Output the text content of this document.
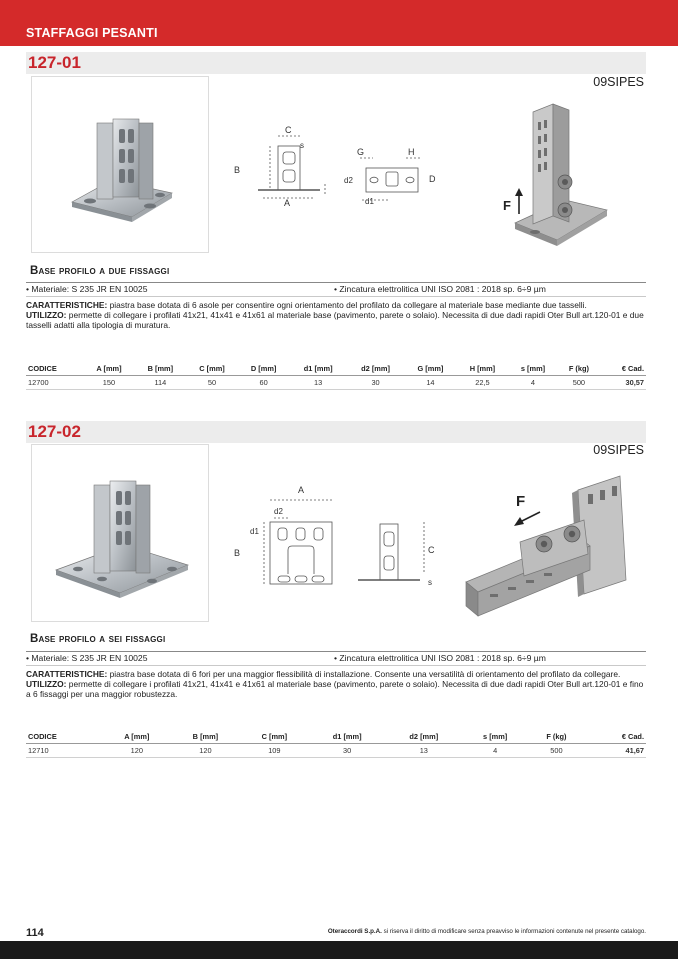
STAFFAGGI PESANTI
127-01
09SIPES
C
s
B
A
G	H
d2
d1
D
F
Base profilo a due fissaggi
• Materiale: S 235 JR EN 10025	• Zincatura elettrolitica UNI ISO 2081 : 2018 sp. 6÷9 µm
CARATTERISTICHE: piastra base dotata di 6 asole per consentire ogni orientamento del profilato da collegare al materiale base mediante due tasselli.
UTILIZZO: permette di collegare i profilati 41x21, 41x41 e 41x61 al materiale base (pavimento, parete o solaio). Necessita di due dadi rapidi Oter Bull art.120-01 e due tasselli adatti alla tipologia di muratura.
CODICE	A [mm]	B [mm]	C [mm]	D [mm]	d1 [mm]	d2 [mm]	G [mm]	H [mm]	s [mm]	F (kg)	€ Cad.
12700	150	114	50	60	13	30	14	22,5	4	500	30,57
127-02
09SIPES
A
d2
d1
B	C
s
F
Base profilo a sei fissaggi
• Materiale: S 235 JR EN 10025	• Zincatura elettrolitica UNI ISO 2081 : 2018 sp. 6÷9 µm
CARATTERISTICHE: piastra base dotata di 6 fori per una maggior flessibilità di installazione. Consente una versatilità di orientamento del profilato da collegare.
UTILIZZO: permette di collegare i profilati 41x21, 41x41 e 41x61 al materiale base (pavimento, parete o solaio). Necessita di due dadi rapidi Oter Bull art.120-01 e fino a 6 fissaggi per una maggior robustezza.
CODICE	A [mm]	B [mm]	C [mm]	d1 [mm]	d2 [mm]	s [mm]	F (kg)	€ Cad.
12710	120	120	109	30	13	4	500	41,67
114	Oteraccordi S.p.A. si riserva il diritto di modificare senza preavviso le informazioni contenute nel presente catalogo.
